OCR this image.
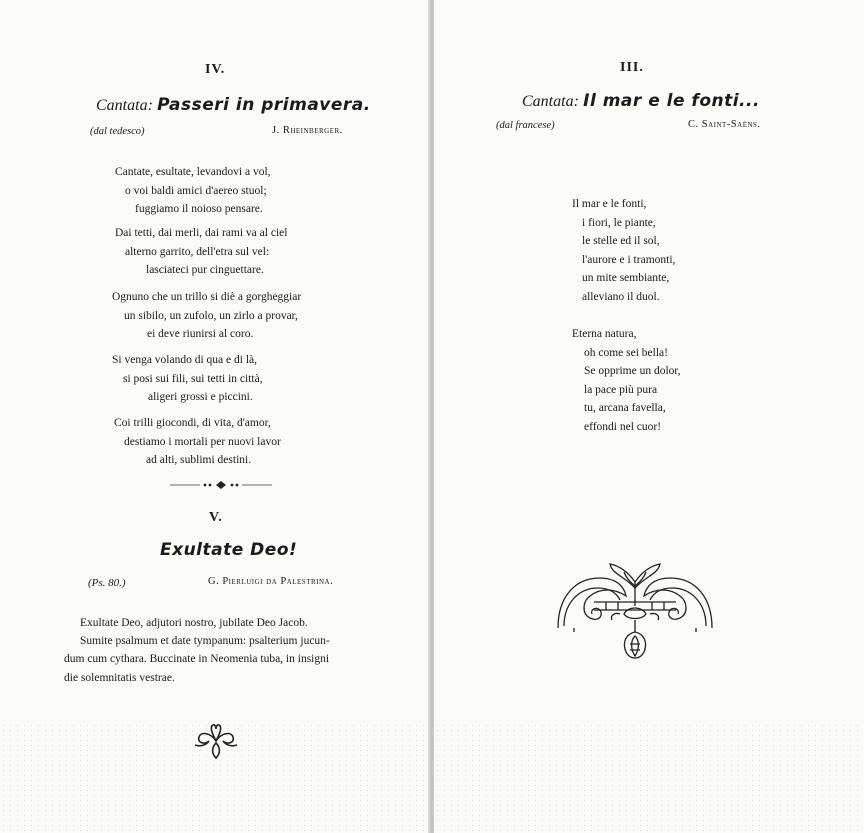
IV.
Cantata: Passeri in primavera.
(dal tedesco)	J. Rheinberger.
Cantate, esultate, levandovi a vol,
o voi baldi amici d'aereo stuol;
fuggiamo il noioso pensare.
Dai tetti, dai merli, dai rami va al ciel
alterno garrito, dell'etra sul vel:
lasciateci pur cinguettare.
Ognuno che un trillo si diè a gorgheggiar
un sibilo, un zufolo, un zirlo a provar,
ei deve riunirsi al coro.
Si venga volando di qua e di là,
si posi sui fili, sui tetti in città,
aligeri grossi e piccini.
Coi trilli giocondi, di vita, d'amor,
destiamo i mortali per nuovi lavor
ad alti, sublimi destini.
V.
Exultate Deo!
(Ps. 80.)	G. Pierluigi da Palestrina.
Exultate Deo, adjutori nostro, jubilate Deo Jacob.
Sumite psalmum et date tympanum: psalterium jucun-
dum cum cythara. Buccinate in Neomenia tuba, in insigni
die solemnitatis vestrae.
III.
Cantata: Il mar e le fonti...
(dal francese)	C. Saint-Saëns.
Il mar e le fonti,
i fiori, le piante,
le stelle ed il sol,
l'aurore e i tramonti,
un mite sembiante,
alleviano il duol.
Eterna natura,
oh come sei bella!
Se opprime un dolor,
la pace più pura
tu, arcana favella,
effondi nel cuor!
